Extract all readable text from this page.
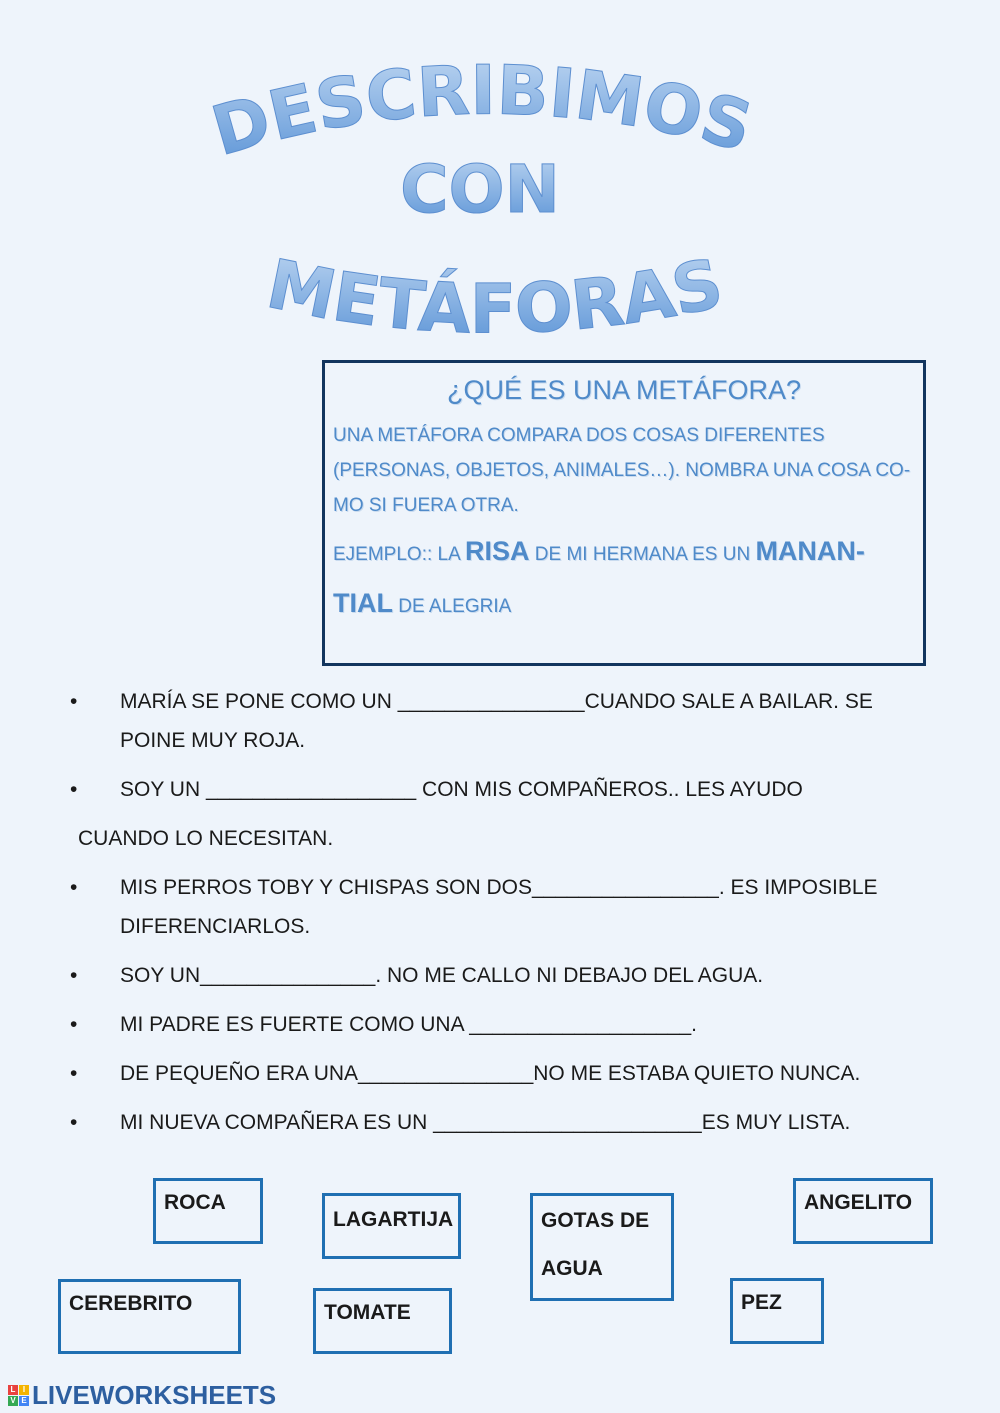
DESCRIBIMOS
CON
METÁFORAS
¿QUÉ ES UNA METÁFORA?

UNA METÁFORA COMPARA DOS COSAS DIFERENTES (PERSONAS, OBJETOS, ANIMALES…). NOMBRA UNA COSA CO-MO SI FUERA OTRA.

EJEMPLO:: LA RISA DE MI HERMANA ES UN MANAN-TIAL DE ALEGRIA

• MARÍA SE PONE COMO UN ________________CUANDO SALE A BAILAR. SE POINE MUY ROJA.
• SOY UN __________________ CON MIS COMPAÑEROS.. LES AYUDO
CUANDO LO NECESITAN.
• MIS PERROS TOBY Y CHISPAS SON DOS________________. ES IMPOSIBLE DIFERENCIARLOS.
• SOY UN_______________. NO ME CALLO NI DEBAJO DEL AGUA.
• MI PADRE ES FUERTE COMO UNA ___________________.
• DE PEQUEÑO ERA UNA_______________NO ME ESTABA QUIETO NUNCA.
• MI NUEVA COMPAÑERA ES UN _______________________ES MUY LISTA.
ROCA
LAGARTIJA	GOTAS DE AGUA
ANGELITO
CEREBRITO	TOMATE	PEZ
L I
V E LIVEWORKSHEETS
